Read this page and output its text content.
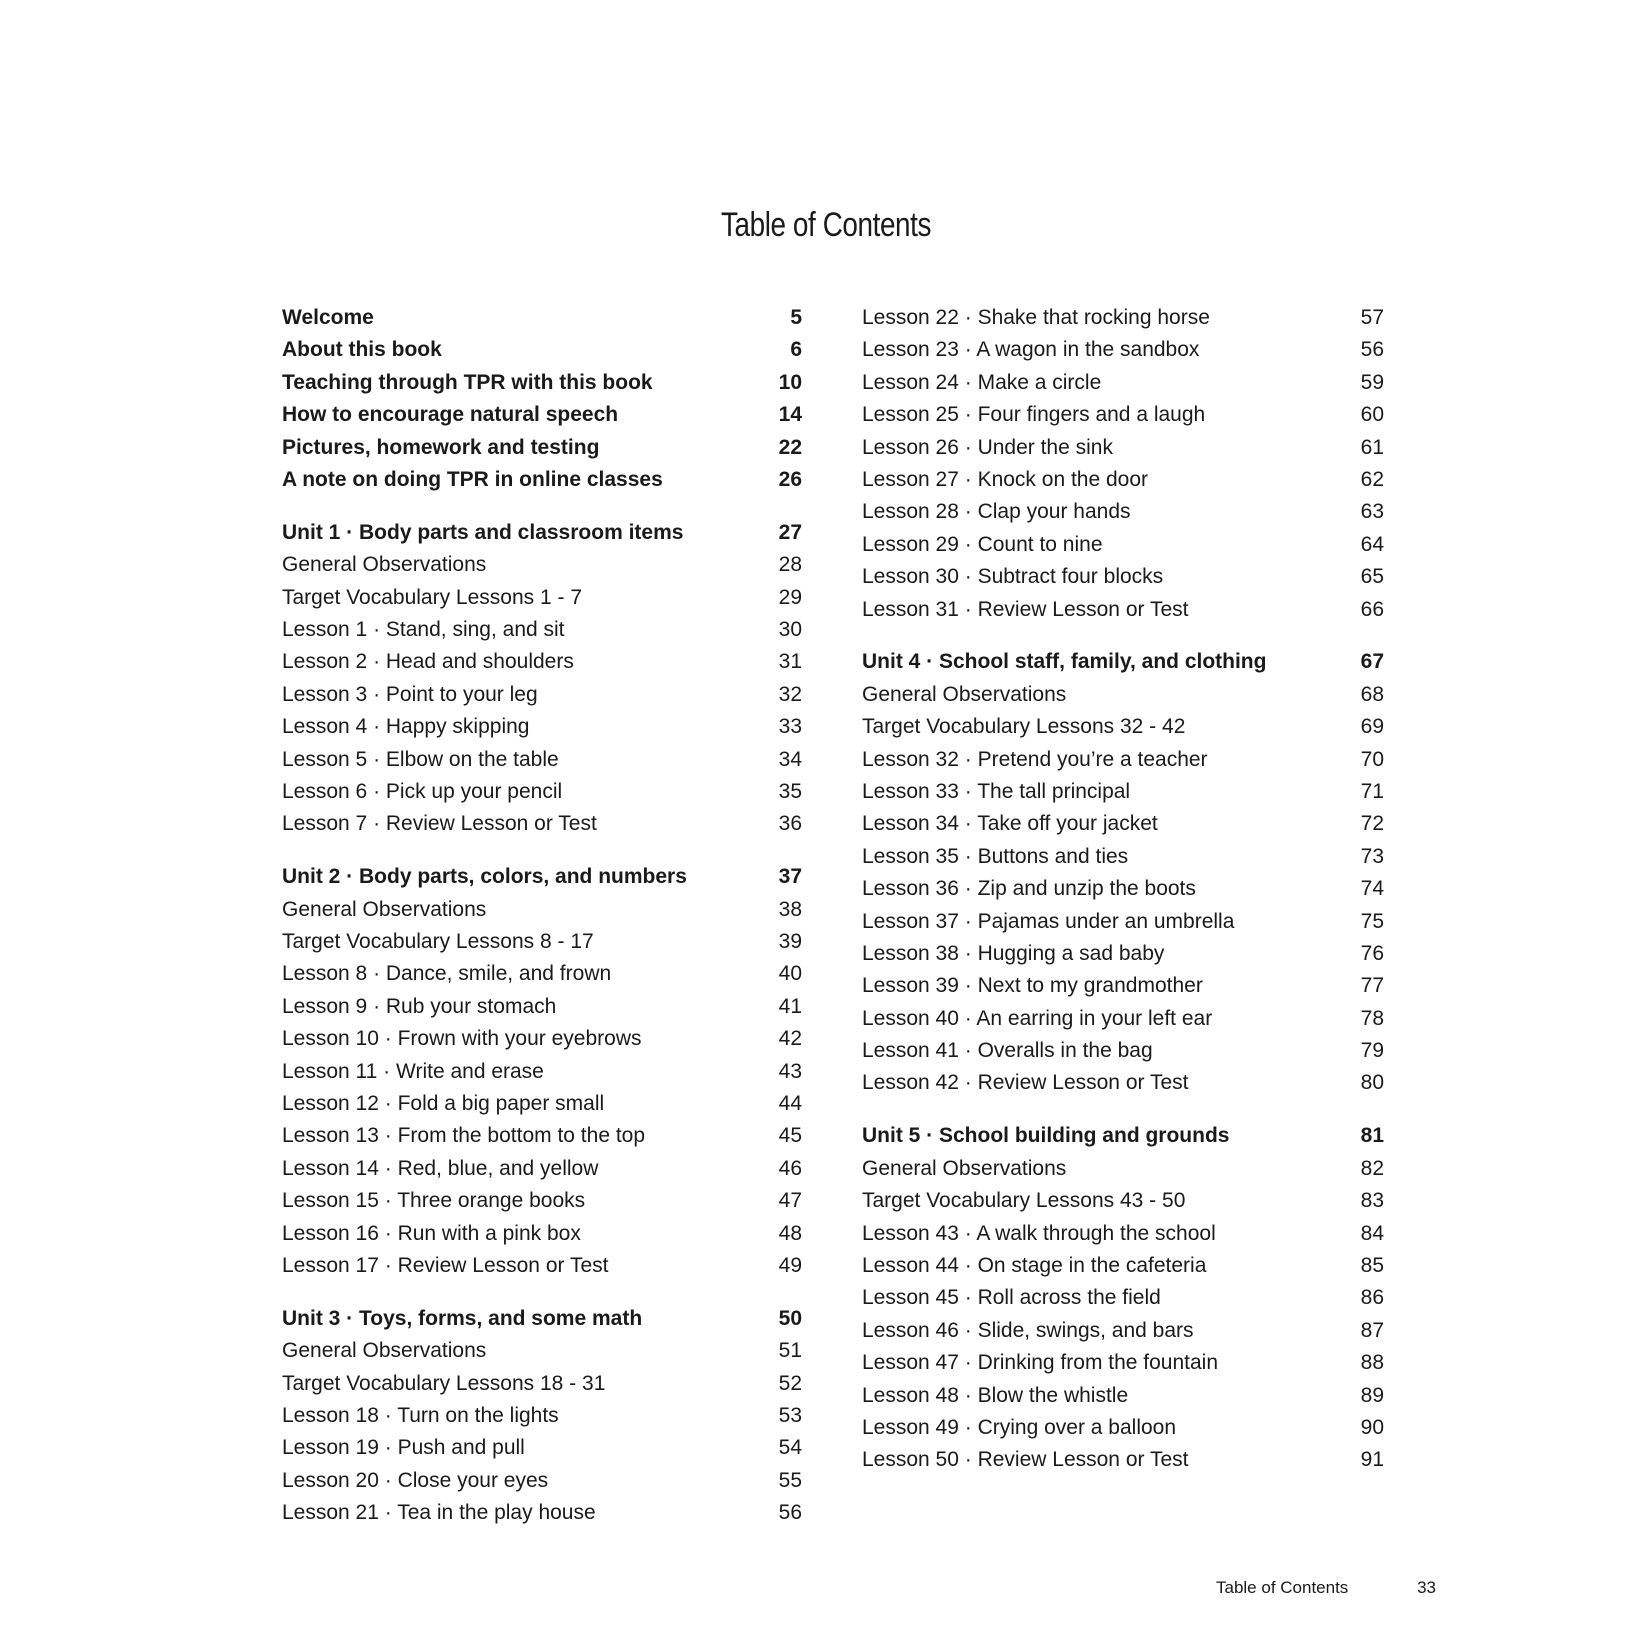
Table of Contents
Welcome	5
About this book	6
Teaching through TPR with this book	10
How to encourage natural speech	14
Pictures, homework and testing	22
A note on doing TPR in online classes	26
Unit 1 · Body parts and classroom items	27
General Observations	28
Target Vocabulary Lessons 1 - 7	29
Lesson 1 · Stand, sing, and sit	30
Lesson 2 · Head and shoulders	31
Lesson 3 · Point to your leg	32
Lesson 4 · Happy skipping	33
Lesson 5 · Elbow on the table	34
Lesson 6 · Pick up your pencil	35
Lesson 7 · Review Lesson or Test	36
Unit 2 · Body parts, colors, and numbers	37
General Observations	38
Target Vocabulary Lessons 8 - 17	39
Lesson 8 · Dance, smile, and frown	40
Lesson 9 · Rub your stomach	41
Lesson 10 · Frown with your eyebrows	42
Lesson 11 · Write and erase	43
Lesson 12 · Fold a big paper small	44
Lesson 13 · From the bottom to the top	45
Lesson 14 · Red, blue, and yellow	46
Lesson 15 · Three orange books	47
Lesson 16 · Run with a pink box	48
Lesson 17 · Review Lesson or Test	49
Unit 3 · Toys, forms, and some math	50
General Observations	51
Target Vocabulary Lessons 18 - 31	52
Lesson 18 · Turn on the lights	53
Lesson 19 · Push and pull	54
Lesson 20 · Close your eyes	55
Lesson 21 · Tea in the play house	56
Lesson 22 · Shake that rocking horse	57
Lesson 23 · A wagon in the sandbox	56
Lesson 24 · Make a circle	59
Lesson 25 · Four fingers and a laugh	60
Lesson 26 · Under the sink	61
Lesson 27 · Knock on the door	62
Lesson 28 · Clap your hands	63
Lesson 29 · Count to nine	64
Lesson 30 · Subtract four blocks	65
Lesson 31 · Review Lesson or Test	66
Unit 4 · School staff, family, and clothing	67
General Observations	68
Target Vocabulary Lessons 32 - 42	69
Lesson 32 · Pretend you’re a teacher	70
Lesson 33 · The tall principal	71
Lesson 34 · Take off your jacket	72
Lesson 35 · Buttons and ties	73
Lesson 36 · Zip and unzip the boots	74
Lesson 37 · Pajamas under an umbrella	75
Lesson 38 · Hugging a sad baby	76
Lesson 39 · Next to my grandmother	77
Lesson 40 · An earring in your left ear	78
Lesson 41 · Overalls in the bag	79
Lesson 42 · Review Lesson or Test	80
Unit 5 · School building and grounds	81
General Observations	82
Target Vocabulary Lessons 43 - 50	83
Lesson 43 · A walk through the school	84
Lesson 44 · On stage in the cafeteria	85
Lesson 45 · Roll across the field	86
Lesson 46 · Slide, swings, and bars	87
Lesson 47 · Drinking from the fountain	88
Lesson 48 · Blow the whistle	89
Lesson 49 · Crying over a balloon	90
Lesson 50 · Review Lesson or Test	91
Table of Contents	33
